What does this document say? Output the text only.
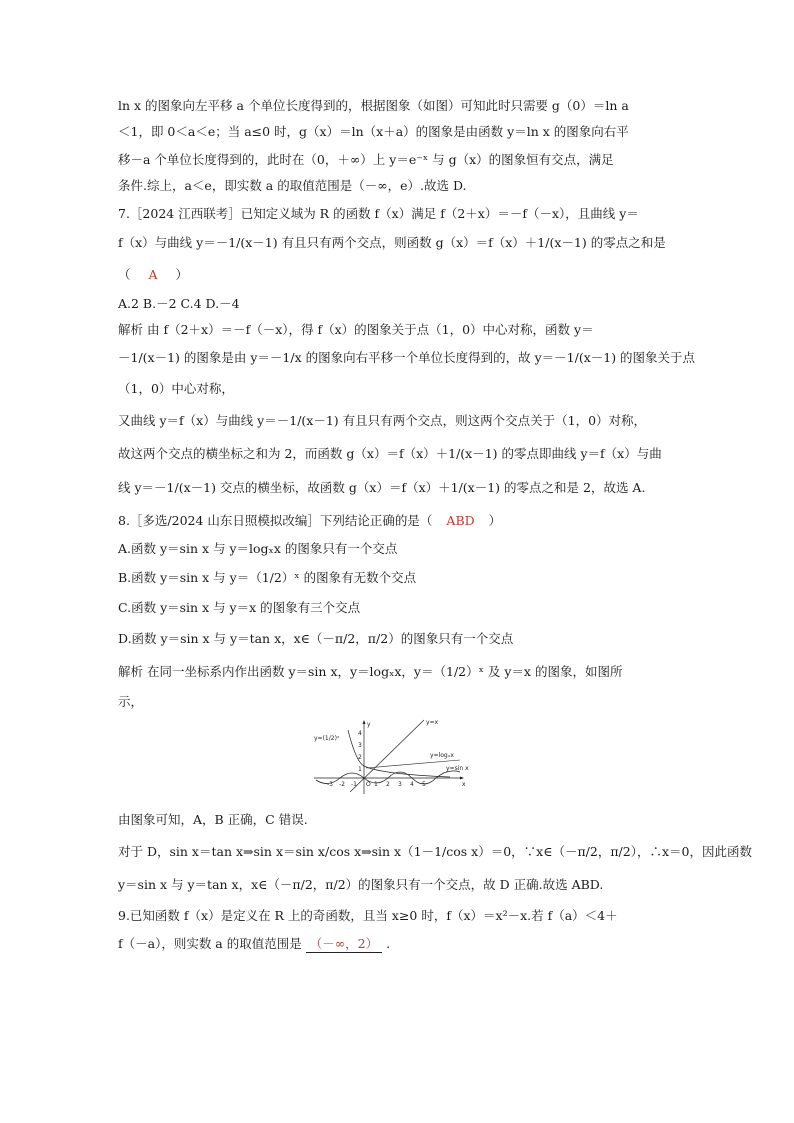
ln x 的图象向左平移 a 个单位长度得到的，根据图象（如图）可知此时只需要 g（0）＝ln a
＜1，即 0＜a＜e；当 a≤0 时，g（x）＝ln（x＋a）的图象是由函数 y＝ln x 的图象向右平
移－a 个单位长度得到的，此时在（0，＋∞）上 y＝e⁻ˣ 与 g（x）的图象恒有交点，满足
条件.综上，a＜e，即实数 a 的取值范围是（－∞，e）.故选 D.
7.［2024 江西联考］已知定义域为 R 的函数 f（x）满足 f（2＋x）＝－f（－x），且曲线 y＝
f（x）与曲线 y＝－1/(x－1) 有且只有两个交点，则函数 g（x）＝f（x）＋1/(x－1) 的零点之和是
（ A ）
A.2 B.－2 C.4 D.－4
解析 由 f（2＋x）＝－f（－x），得 f（x）的图象关于点（1，0）中心对称，函数 y＝
－1/(x－1) 的图象是由 y＝－1/x 的图象向右平移一个单位长度得到的，故 y＝－1/(x－1) 的图象关于点
（1，0）中心对称，
又曲线 y＝f（x）与曲线 y＝－1/(x－1) 有且只有两个交点，则这两个交点关于（1，0）对称，
故这两个交点的横坐标之和为 2，而函数 g（x）＝f（x）＋1/(x－1) 的零点即曲线 y＝f（x）与曲
线 y＝－1/(x－1) 交点的横坐标，故函数 g（x）＝f（x）＋1/(x－1) 的零点之和是 2，故选 A.
8.［多选/2024 山东日照模拟改编］下列结论正确的是（ ABD ）
A.函数 y＝sin x 与 y＝logₓx 的图象只有一个交点
B.函数 y＝sin x 与 y＝（1/2）ˣ 的图象有无数个交点
C.函数 y＝sin x 与 y＝x 的图象有三个交点
D.函数 y＝sin x 与 y＝tan x，x∈（－π/2，π/2）的图象只有一个交点
解析 在同一坐标系内作出函数 y＝sin x，y＝logₓx，y＝（1/2）ˣ 及 y＝x 的图象，如图所
示，
y
x
O
4
3
2
1
-3 -2 -1	1 2 3 4 5
y=x
y=(1/2)ˣ
y=logₓx
y=sin x
由图象可知，A，B 正确，C 错误.
对于 D，sin x＝tan x⇒sin x＝sin x/cos x⇒sin x（1－1/cos x）＝0，∵x∈（－π/2，π/2），∴x＝0，因此函数
y＝sin x 与 y＝tan x，x∈（－π/2，π/2）的图象只有一个交点，故 D 正确.故选 ABD.
9.已知函数 f（x）是定义在 R 上的奇函数，且当 x≥0 时，f（x）＝x²－x.若 f（a）＜4＋
f（－a），则实数 a 的取值范围是 （－∞，2） .
